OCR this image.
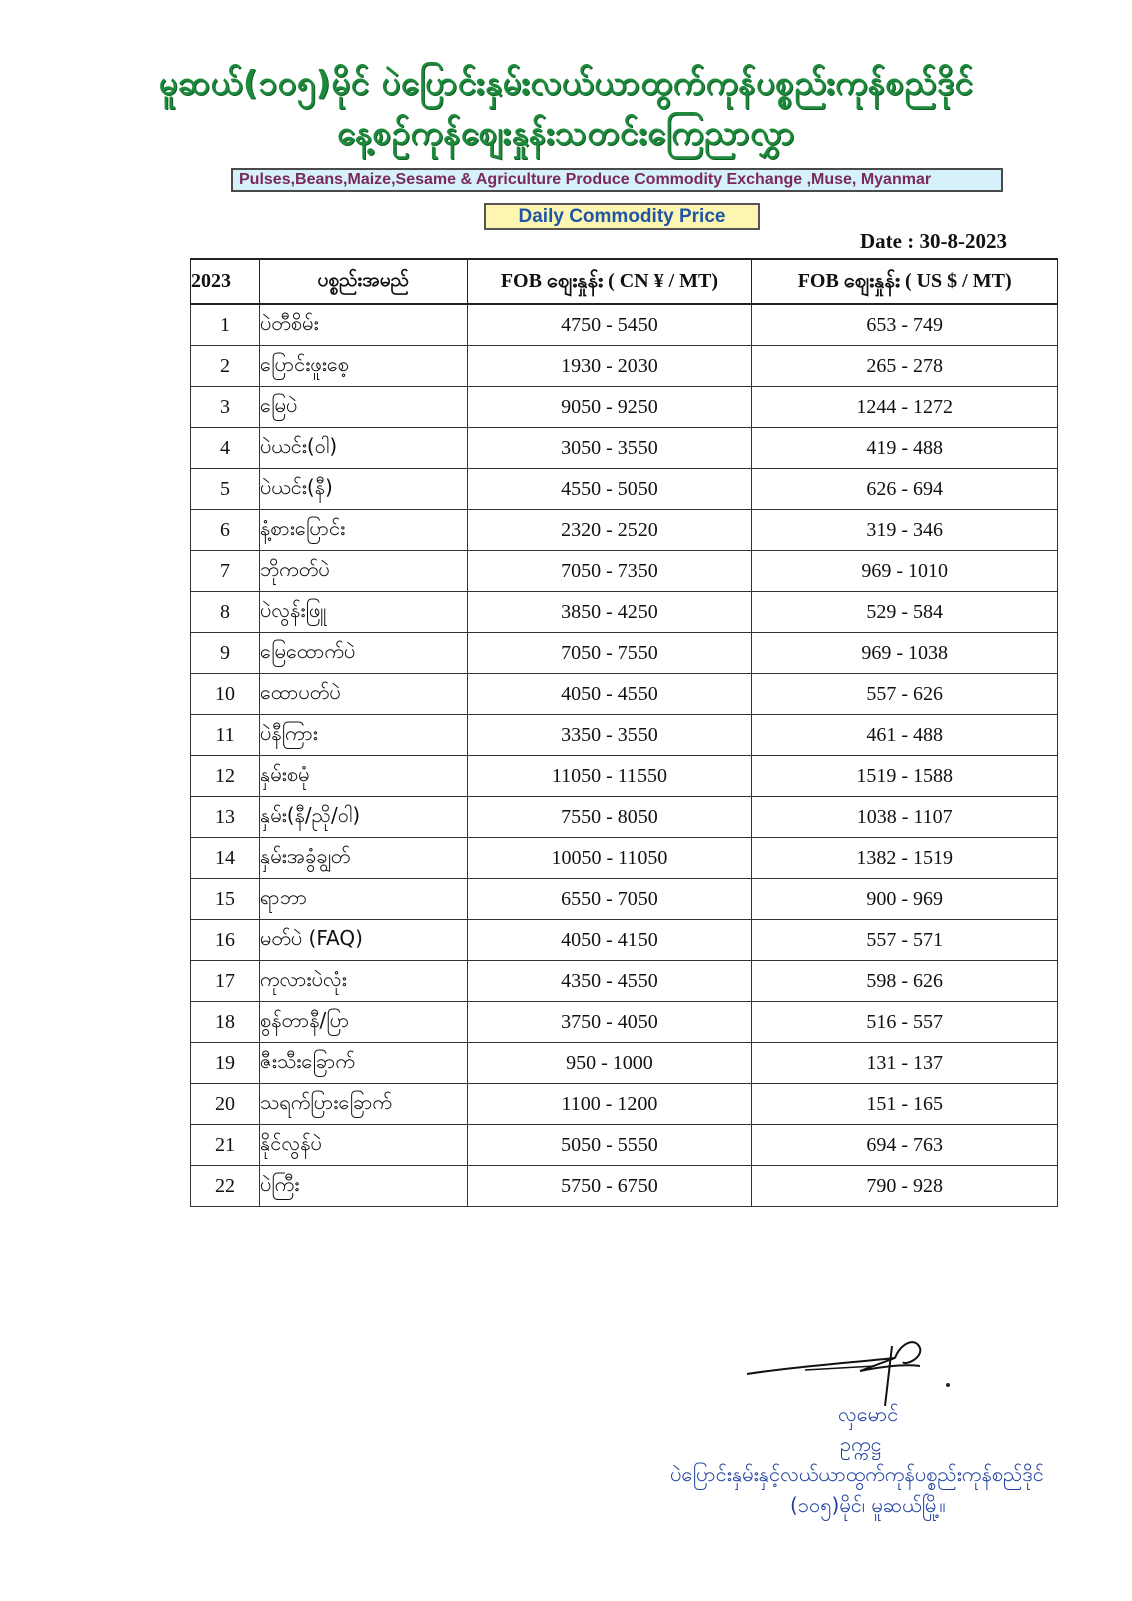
မူဆယ်(၁၀၅)မိုင် ပဲပြောင်းနှမ်းလယ်ယာထွက်ကုန်ပစ္စည်းကုန်စည်ဒိုင်
နေ့စဉ်ကုန်စျေးနှုန်းသတင်းကြေညာလွှာ
Pulses,Beans,Maize,Sesame & Agriculture Produce Commodity Exchange ,Muse, Myanmar
Daily Commodity Price
Date : 30-8-2023
2023	ပစ္စည်းအမည်	FOB စျေးနှုန်း ( CN ¥ / MT)	FOB စျေးနှုန်း ( US $ / MT)
1	ပဲတီစိမ်း	4750 - 5450	653 - 749
2	ပြောင်းဖူးစေ့	1930 - 2030	265 - 278
3	မြေပဲ	9050 - 9250	1244 - 1272
4	ပဲယင်း(ဝါ)	3050 - 3550	419 - 488
5	ပဲယင်း(နီ)	4550 - 5050	626 - 694
6	နံ့စားပြောင်း	2320 - 2520	319 - 346
7	ဘိုကတ်ပဲ	7050 - 7350	969 - 1010
8	ပဲလွန်းဖြူ	3850 - 4250	529 - 584
9	မြေထောက်ပဲ	7050 - 7550	969 - 1038
10	ထောပတ်ပဲ	4050 - 4550	557 - 626
11	ပဲနီကြား	3350 - 3550	461 - 488
12	နှမ်းစမုံ	11050 - 11550	1519 - 1588
13	နှမ်း(နီ/ညို/ဝါ)	7550 - 8050	1038 - 1107
14	နှမ်းအခွံချွတ်	10050 - 11050	1382 - 1519
15	ရာဘာ	6550 - 7050	900 - 969
16	မတ်ပဲ (FAQ)	4050 - 4150	557 - 571
17	ကုလားပဲလုံး	4350 - 4550	598 - 626
18	စွန်တာနီ/ပြာ	3750 - 4050	516 - 557
19	ဇီးသီးခြောက်	950 - 1000	131 - 137
20	သရက်ပြားခြောက်	1100 - 1200	151 - 165
21	နိုင်လွန်ပဲ	5050 - 5550	694 - 763
22	ပဲကြီး	5750 - 6750	790 - 928
လှမောင်
ဥက္ကဋ္ဌ
ပဲပြောင်းနှမ်းနှင့်လယ်ယာထွက်ကုန်ပစ္စည်းကုန်စည်ဒိုင်
(၁၀၅)မိုင်၊ မူဆယ်မြို့။
